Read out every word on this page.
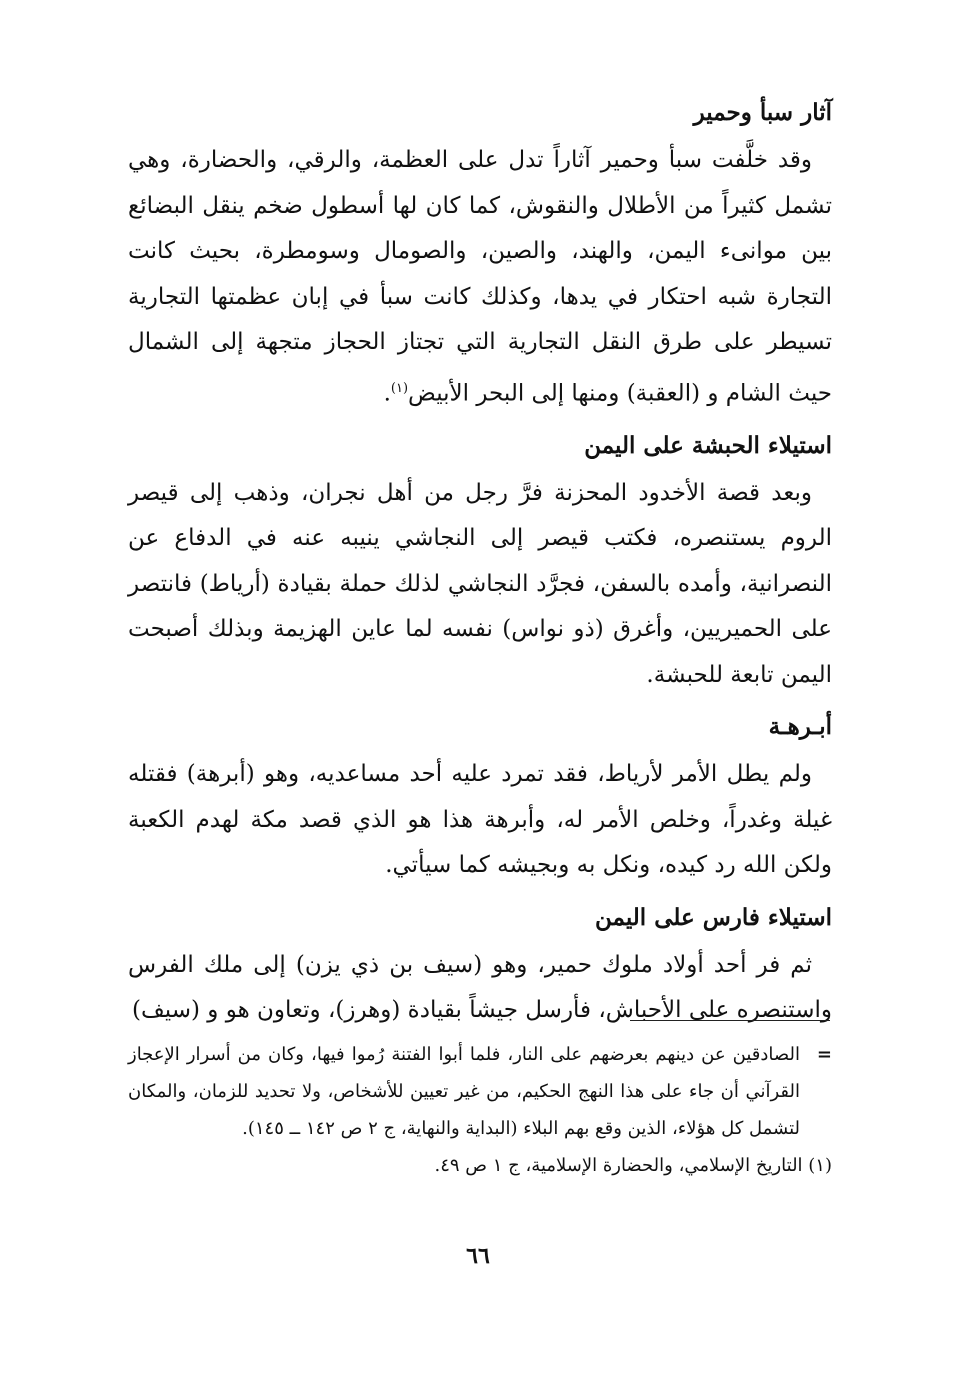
آثار سبأ وحمير

وقد خلَّفت سبأ وحمير آثاراً تدل على العظمة، والرقي، والحضارة، وهي تشمل كثيراً من الأطلال والنقوش، كما كان لها أسطول ضخم ينقل البضائع بين موانىء اليمن، والهند، والصين، والصومال وسومطرة، بحيث كانت التجارة شبه احتكار في يدها، وكذلك كانت سبأ في إبان عظمتها التجارية تسيطر على طرق النقل التجارية التي تجتاز الحجاز متجهة إلى الشمال حيث الشام و (العقبة) ومنها إلى البحر الأبيض$^{(١)}$.

استيلاء الحبشة على اليمن

وبعد قصة الأخدود المحزنة فرَّ رجل من أهل نجران، وذهب إلى قيصر الروم يستنصره، فكتب قيصر إلى النجاشي ينيبه عنه في الدفاع عن النصرانية، وأمده بالسفن، فجرَّد النجاشي لذلك حملة بقيادة (أرياط) فانتصر على الحميريين، وأغرق (ذو نواس) نفسه لما عاين الهزيمة وبذلك أصبحت اليمن تابعة للحبشة.

أبـرهـة

ولم يطل الأمر لأرياط، فقد تمرد عليه أحد مساعديه، وهو (أبرهة) فقتله غيلة وغدراً، وخلص الأمر له، وأبرهة هذا هو الذي قصد مكة لهدم الكعبة ولكن الله رد كيده، ونكل به وبجيشه كما سيأتي.

استيلاء فارس على اليمن

ثم فر أحد أولاد ملوك حمير، وهو (سيف بن ذي يزن) إلى ملك الفرس واستنصره على الأحباش، فأرسل جيشاً بقيادة (وهرز)، وتعاون هو و (سيف)

=

الصادقين عن دينهم بعرضهم على النار، فلما أبوا الفتنة رُموا فيها، وكان من أسرار الإعجاز القرآني أن جاء على هذا النهج الحكيم، من غير تعيين للأشخاص، ولا تحديد للزمان، والمكان لتشمل كل هؤلاء، الذين وقع بهم البلاء (البداية والنهاية، ج ٢ ص ١٤٢ ــ ١٤٥).

(١) التاريخ الإسلامي، والحضارة الإسلامية، ج ١ ص ٤٩.

٦٦
